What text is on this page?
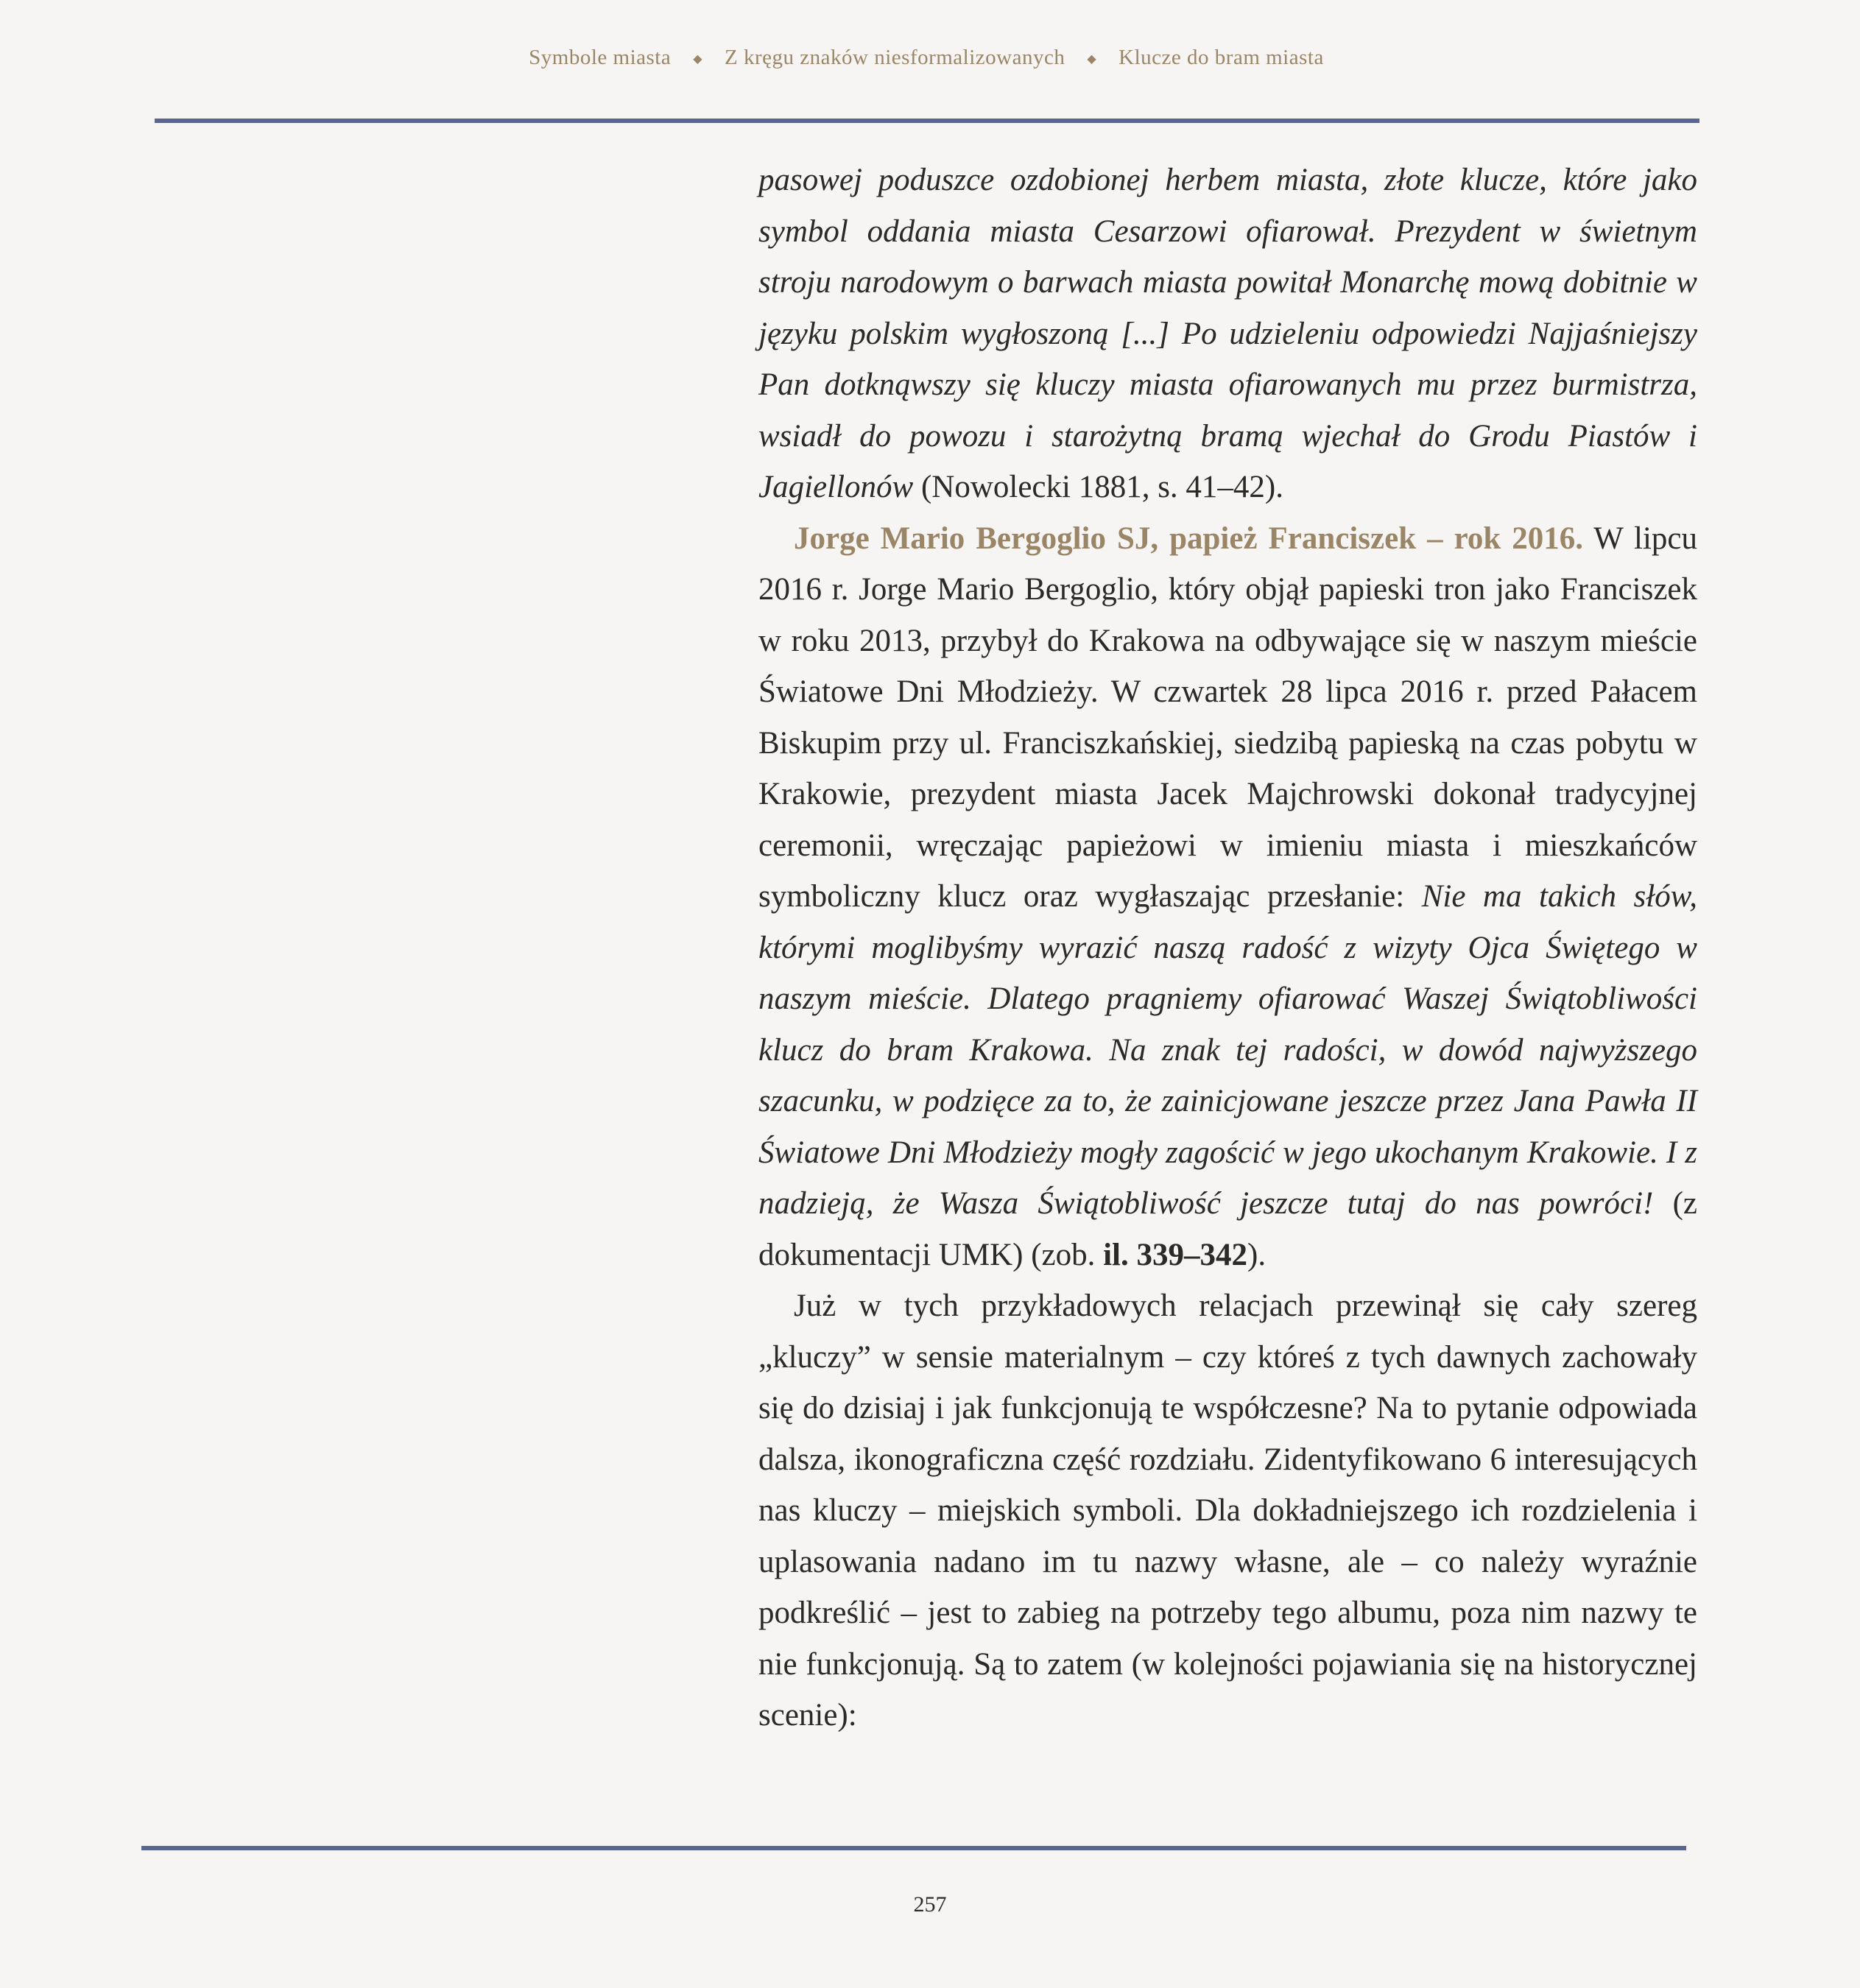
Symbole miasta ◆ Z kręgu znaków niesformalizowanych ◆ Klucze do bram miasta

pasowej poduszce ozdobionej herbem miasta, złote klucze, które jako symbol oddania miasta Cesarzowi ofiarował. Prezydent w świetnym stroju narodowym o barwach miasta powitał Monarchę mową dobitnie w języku polskim wygłoszoną [...] Po udzieleniu odpowiedzi Najjaśniejszy Pan dotknąwszy się kluczy miasta ofiarowanych mu przez burmistrza, wsiadł do powozu i starożytną bramą wjechał do Grodu Piastów i Jagiellonów (Nowolecki 1881, s. 41–42).

Jorge Mario Bergoglio SJ, papież Franciszek – rok 2016. W lipcu 2016 r. Jorge Mario Bergoglio, który objął papieski tron jako Franciszek w roku 2013, przybył do Krakowa na odbywające się w naszym mieście Światowe Dni Młodzieży. W czwartek 28 lipca 2016 r. przed Pałacem Biskupim przy ul. Franciszkańskiej, siedzibą papieską na czas pobytu w Krakowie, prezydent miasta Jacek Majchrowski dokonał tradycyjnej ceremonii, wręczając papieżowi w imieniu miasta i mieszkańców symboliczny klucz oraz wygłaszając przesłanie: Nie ma takich słów, którymi moglibyśmy wyrazić naszą radość z wizyty Ojca Świętego w naszym mieście. Dlatego pragniemy ofiarować Waszej Świątobliwości klucz do bram Krakowa. Na znak tej radości, w dowód najwyższego szacunku, w podzięce za to, że zainicjowane jeszcze przez Jana Pawła II Światowe Dni Młodzieży mogły zagościć w jego ukochanym Krakowie. I z nadzieją, że Wasza Świątobliwość jeszcze tutaj do nas powróci! (z dokumentacji UMK) (zob. il. 339–342).

Już w tych przykładowych relacjach przewinął się cały szereg „kluczy” w sensie materialnym – czy któreś z tych dawnych zachowały się do dzisiaj i jak funkcjonują te współczesne? Na to pytanie odpowiada dalsza, ikonograficzna część rozdziału. Zidentyfikowano 6 interesujących nas kluczy – miejskich symboli. Dla dokładniejszego ich rozdzielenia i uplasowania nadano im tu nazwy własne, ale – co należy wyraźnie podkreślić – jest to zabieg na potrzeby tego albumu, poza nim nazwy te nie funkcjonują. Są to zatem (w kolejności pojawiania się na historycznej scenie):

257
